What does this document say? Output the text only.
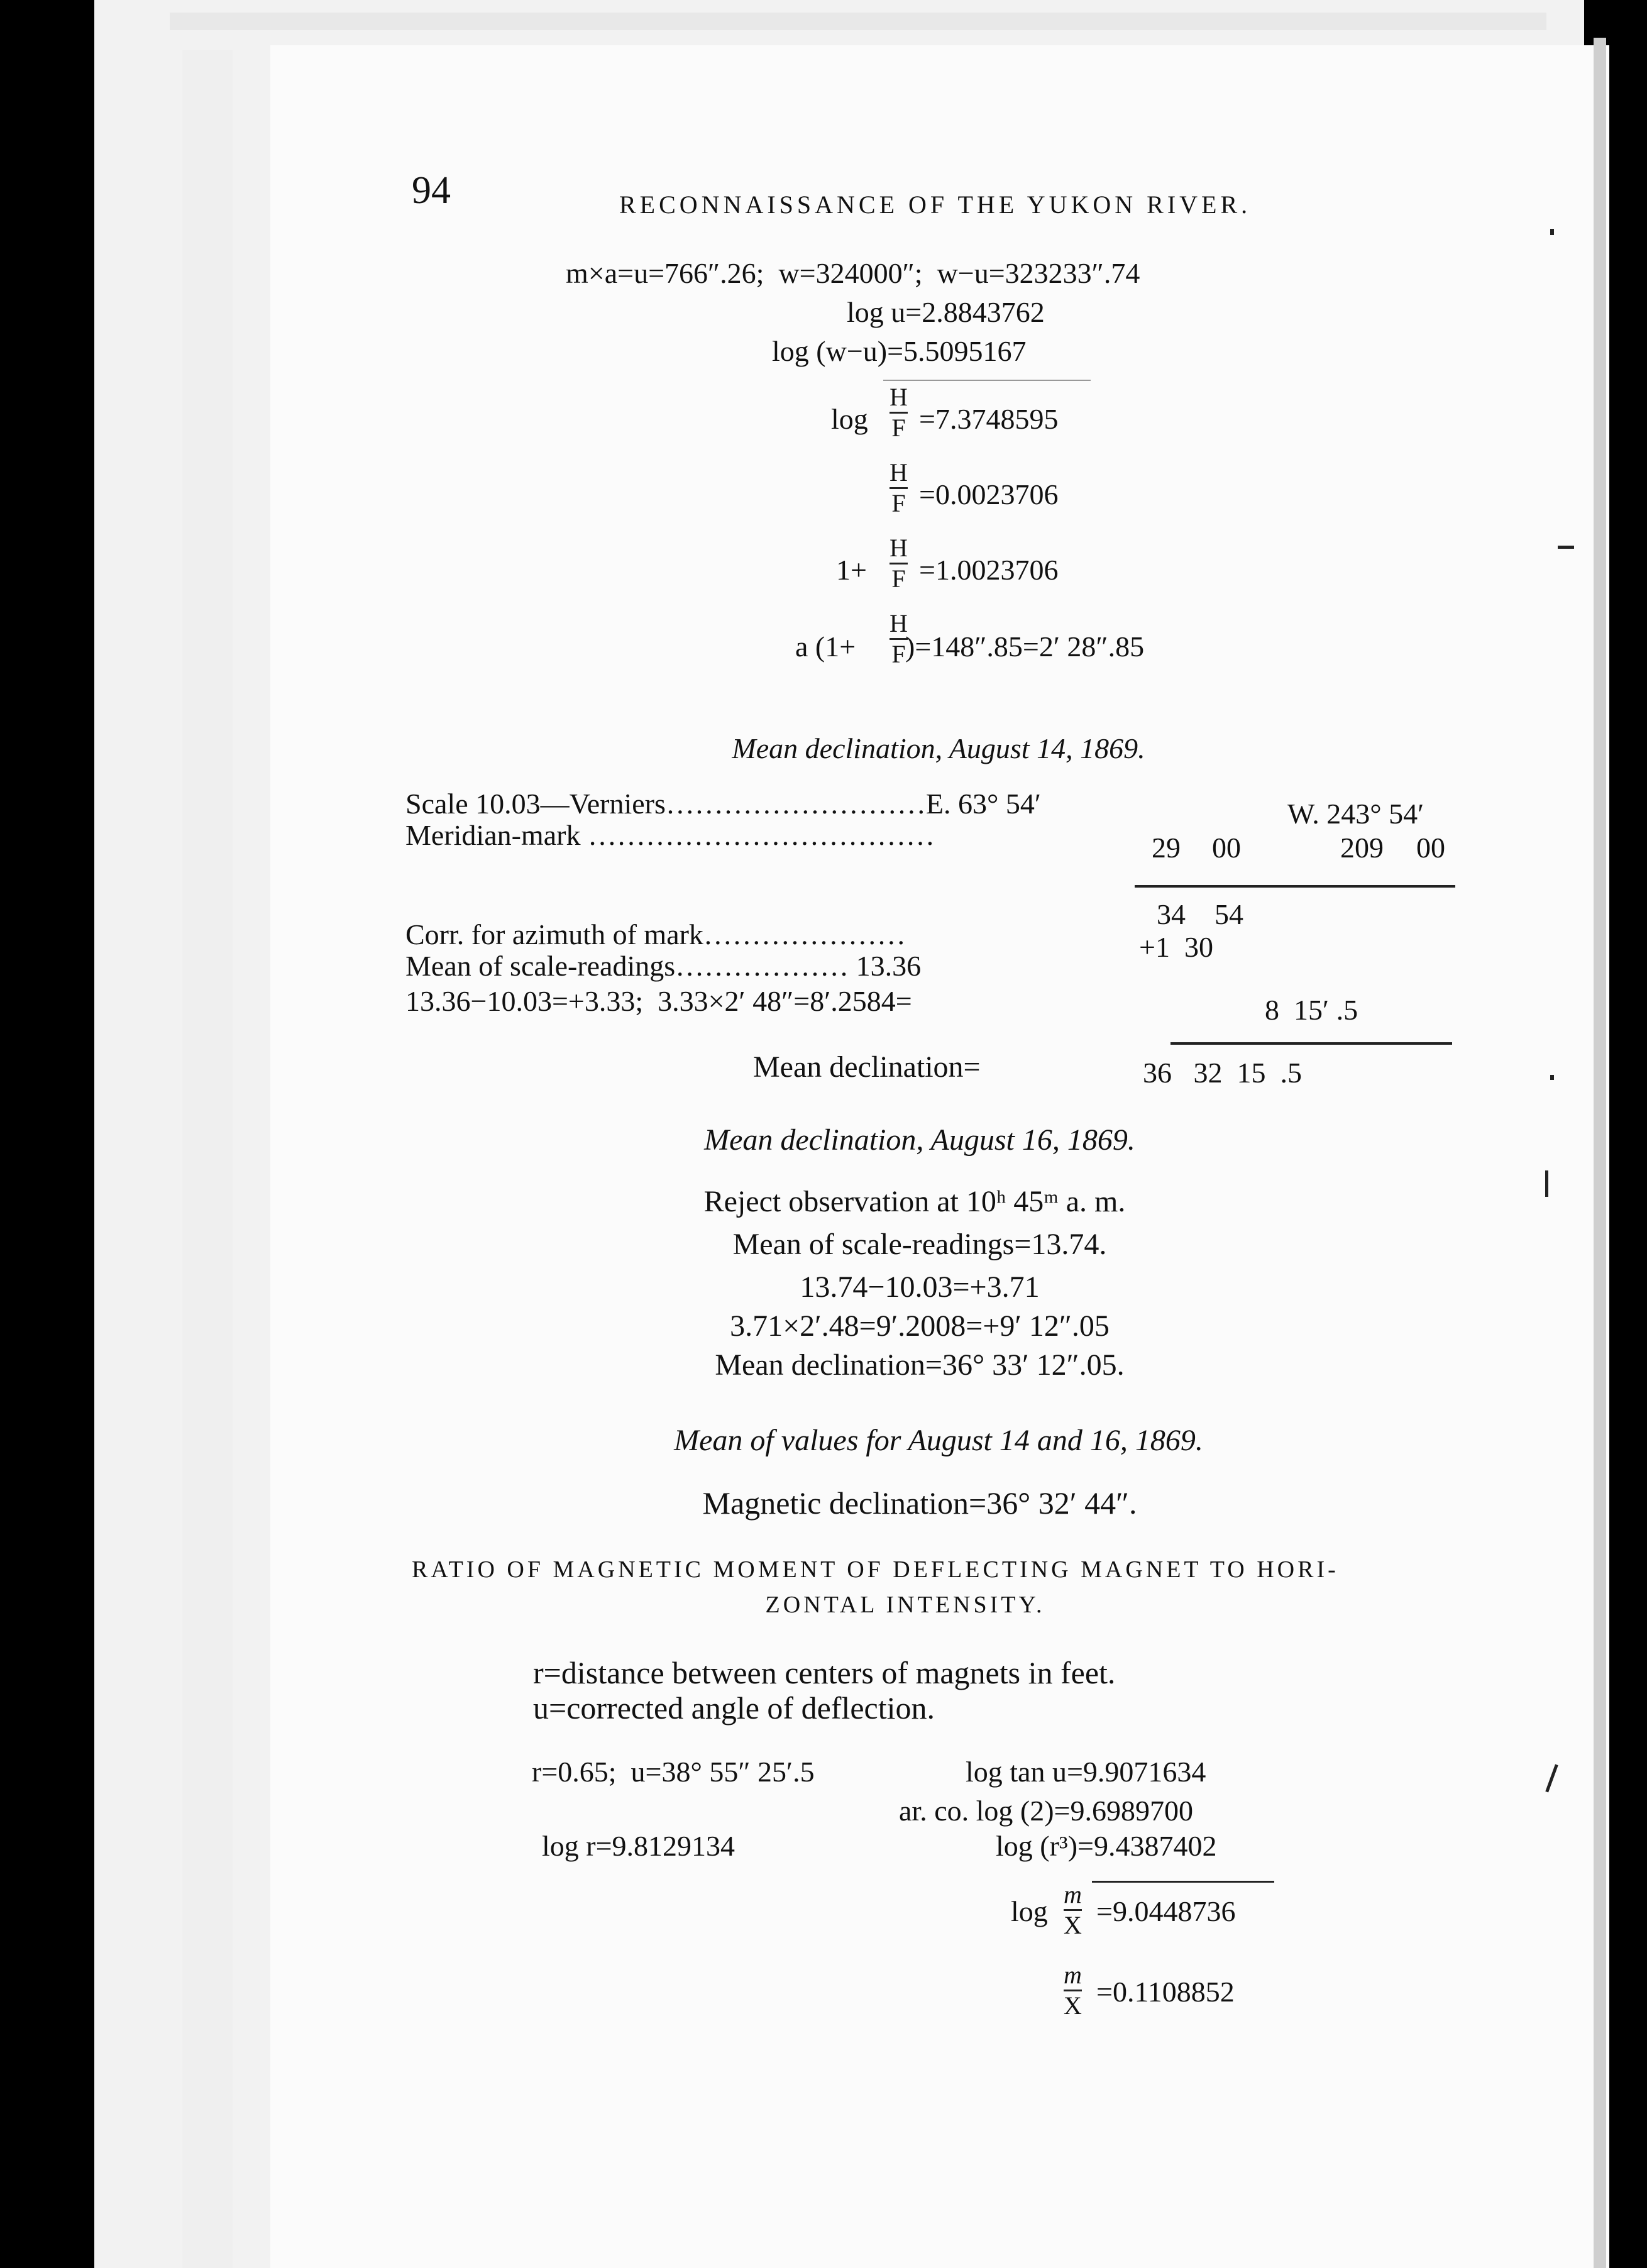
94	RECONNAISSANCE OF THE YUKON RIVER.
m×a=u=766″.26;  w=324000″;  w−u=323233″.74
log u=2.8843762
log (w−u)=5.5095167
log
H
F =7.3748595
H
F =0.0023706
1+
H
F =1.0023706
a (1+
H
F )=148″.85=2′ 28″.85
Mean declination, August 14, 1869.
Scale 10.03—Verniers………………………E. 63° 54′	W. 243° 54′
Meridian-mark ………………………………	29 00	209 00
34 54
Corr. for azimuth of mark…………………	+1  30
Mean of scale-readings……………… 13.36
13.36−10.03=+3.33;  3.33×2′ 48″=8′.2584=	8  15′ .5
Mean declination=	36   32  15  .5
Mean declination, August 16, 1869.
Reject observation at 10ʰ 45ᵐ a. m.
Mean of scale-readings=13.74.
13.74−10.03=+3.71
3.71×2′.48=9′.2008=+9′ 12″.05
Mean declination=36° 33′ 12″.05.
Mean of values for August 14 and 16, 1869.
Magnetic declination=36° 32′ 44″.
RATIO OF MAGNETIC MOMENT OF DEFLECTING MAGNET TO HORI-
ZONTAL INTENSITY.
r=distance between centers of magnets in feet.
u=corrected angle of deflection.
r=0.65;  u=38° 55″ 25′.5	log tan u=9.9071634
ar. co. log (2)=9.6989700
log r=9.8129134	log (r³)=9.4387402
log
m
X =9.0448736
m
X =0.1108852
